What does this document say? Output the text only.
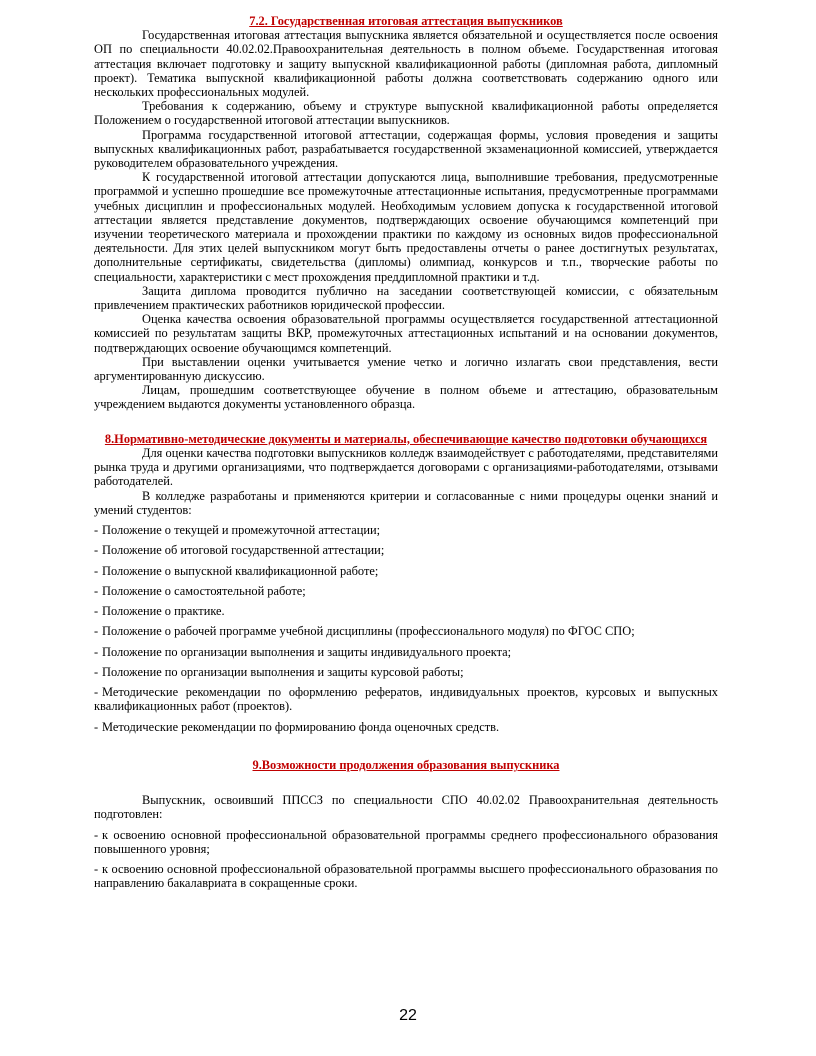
7.2. Государственная итоговая аттестация выпускников

Государственная итоговая аттестация выпускника является обязательной и осуществляется после освоения ОП по специальности 40.02.02.Правоохранительная деятельность в полном объеме. Государственная итоговая аттестация включает подготовку и защиту выпускной квалификационной работы (дипломная работа, дипломный проект). Тематика выпускной квалификационной работы должна соответствовать содержанию одного или нескольких профессиональных модулей.

Требования к содержанию, объему и структуре выпускной квалификационной работы определяется Положением о государственной итоговой аттестации выпускников.

Программа государственной итоговой аттестации, содержащая формы, условия проведения и защиты выпускных квалификационных работ, разрабатывается государственной экзаменационной комиссией, утверждается руководителем образовательного учреждения.

К государственной итоговой аттестации допускаются лица, выполнившие требования, предусмотренные программой и успешно прошедшие все промежуточные аттестационные испытания, предусмотренные программами учебных дисциплин и профессиональных модулей. Необходимым условием допуска к государственной итоговой аттестации является представление документов, подтверждающих освоение обучающимся компетенций при изучении теоретического материала и прохождении практики по каждому из основных видов профессиональной деятельности. Для этих целей выпускником могут быть предоставлены отчеты о ранее достигнутых результатах, дополнительные сертификаты, свидетельства (дипломы) олимпиад, конкурсов и т.п., творческие работы по специальности, характеристики с мест прохождения преддипломной практики и т.д.

Защита диплома проводится публично на заседании соответствующей комиссии, с обязательным привлечением практических работников юридической профессии.

Оценка качества освоения образовательной программы осуществляется государственной аттестационной комиссией по результатам защиты ВКР, промежуточных аттестационных испытаний и на основании документов, подтверждающих освоение обучающимся компетенций.

При выставлении оценки учитывается умение четко и логично излагать свои представления, вести аргументированную дискуссию.

Лицам, прошедшим соответствующее обучение в полном объеме и аттестацию, образовательным учреждением выдаются документы установленного образца.

8.Нормативно-методические документы и материалы, обеспечивающие качество подготовки обучающихся

Для оценки качества подготовки выпускников колледж взаимодействует с работодателями, представителями рынка труда и другими организациями, что подтверждается договорами с организациями-работодателями, отзывами работодателей.

В колледже разработаны и применяются критерии и согласованные с ними процедуры оценки знаний и умений студентов:

- Положение о текущей и промежуточной аттестации;
- Положение об итоговой государственной аттестации;
- Положение о выпускной квалификационной работе;
- Положение о самостоятельной работе;
- Положение о практике.
- Положение о рабочей программе учебной дисциплины (профессионального модуля) по ФГОС СПО;
- Положение по организации выполнения и защиты индивидуального проекта;
- Положение по организации выполнения и защиты курсовой работы;
- Методические рекомендации по оформлению рефератов, индивидуальных проектов, курсовых и выпускных квалификационных работ (проектов).
- Методические рекомендации по формированию фонда оценочных средств.
9.Возможности продолжения образования выпускника

Выпускник, освоивший ППССЗ по специальности СПО 40.02.02 Правоохранительная деятельность подготовлен:

- к освоению основной профессиональной образовательной программы среднего профессионального образования повышенного уровня;
- к освоению основной профессиональной образовательной программы высшего профессионального образования по направлению бакалавриата в сокращенные сроки.
22
